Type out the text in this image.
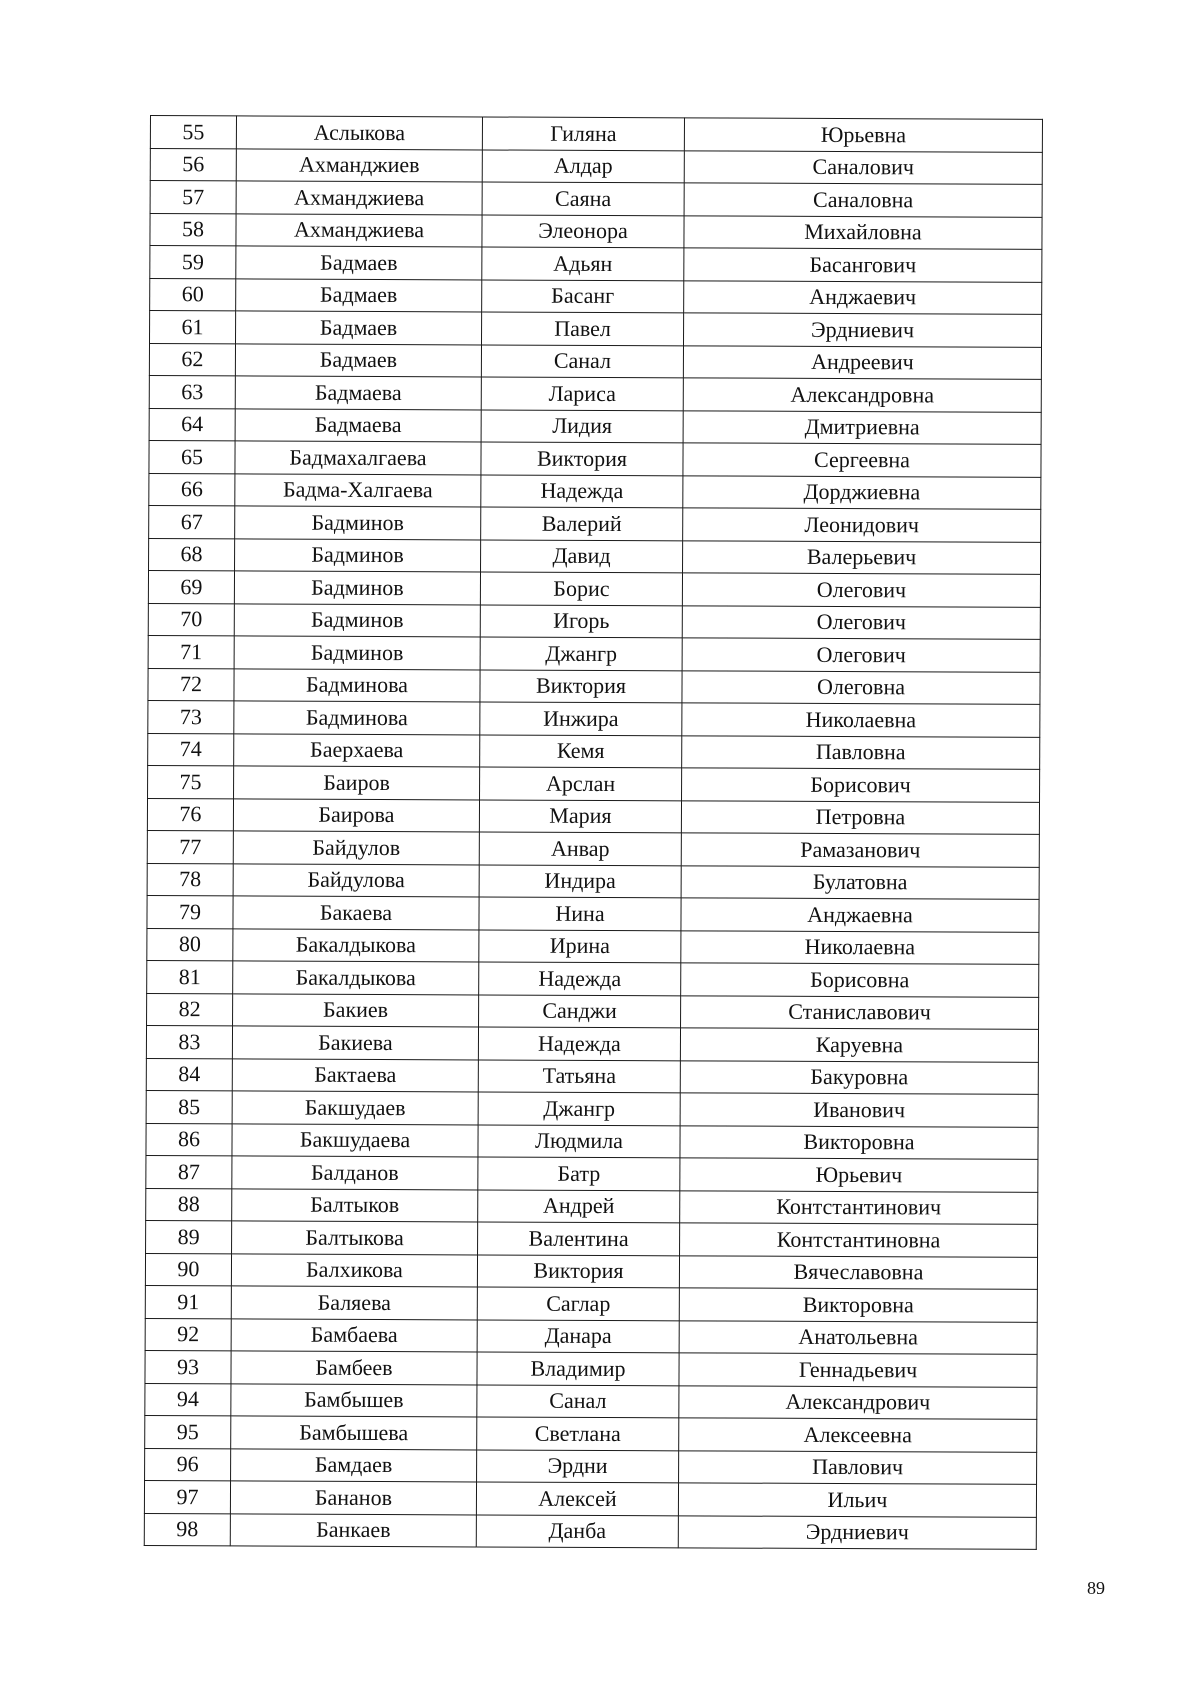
55	Аслыкова	Гиляна	Юрьевна
56	Ахманджиев	Алдар	Саналович
57	Ахманджиева	Саяна	Саналовна
58	Ахманджиева	Элеонора	Михайловна
59	Бадмаев	Адьян	Басангович
60	Бадмаев	Басанг	Анджаевич
61	Бадмаев	Павел	Эрдниевич
62	Бадмаев	Санал	Андреевич
63	Бадмаева	Лариса	Александровна
64	Бадмаева	Лидия	Дмитриевна
65	Бадмахалгаева	Виктория	Сергеевна
66	Бадма-Халгаева	Надежда	Дорджиевна
67	Бадминов	Валерий	Леонидович
68	Бадминов	Давид	Валерьевич
69	Бадминов	Борис	Олегович
70	Бадминов	Игорь	Олегович
71	Бадминов	Джангр	Олегович
72	Бадминова	Виктория	Олеговна
73	Бадминова	Инжира	Николаевна
74	Баерхаева	Кемя	Павловна
75	Баиров	Арслан	Борисович
76	Баирова	Мария	Петровна
77	Байдулов	Анвар	Рамазанович
78	Байдулова	Индира	Булатовна
79	Бакаева	Нина	Анджаевна
80	Бакалдыкова	Ирина	Николаевна
81	Бакалдыкова	Надежда	Борисовна
82	Бакиев	Санджи	Станиславович
83	Бакиева	Надежда	Каруевна
84	Бактаева	Татьяна	Бакуровна
85	Бакшудаев	Джангр	Иванович
86	Бакшудаева	Людмила	Викторовна
87	Балданов	Батр	Юрьевич
88	Балтыков	Андрей	Контстантинович
89	Балтыкова	Валентина	Контстантиновна
90	Балхикова	Виктория	Вячеславовна
91	Баляева	Саглар	Викторовна
92	Бамбаева	Данара	Анатольевна
93	Бамбеев	Владимир	Геннадьевич
94	Бамбышев	Санал	Александрович
95	Бамбышева	Светлана	Алексеевна
96	Бамдаев	Эрдни	Павлович
97	Бананов	Алексей	Ильич
98	Банкаев	Данба	Эрдниевич
89
